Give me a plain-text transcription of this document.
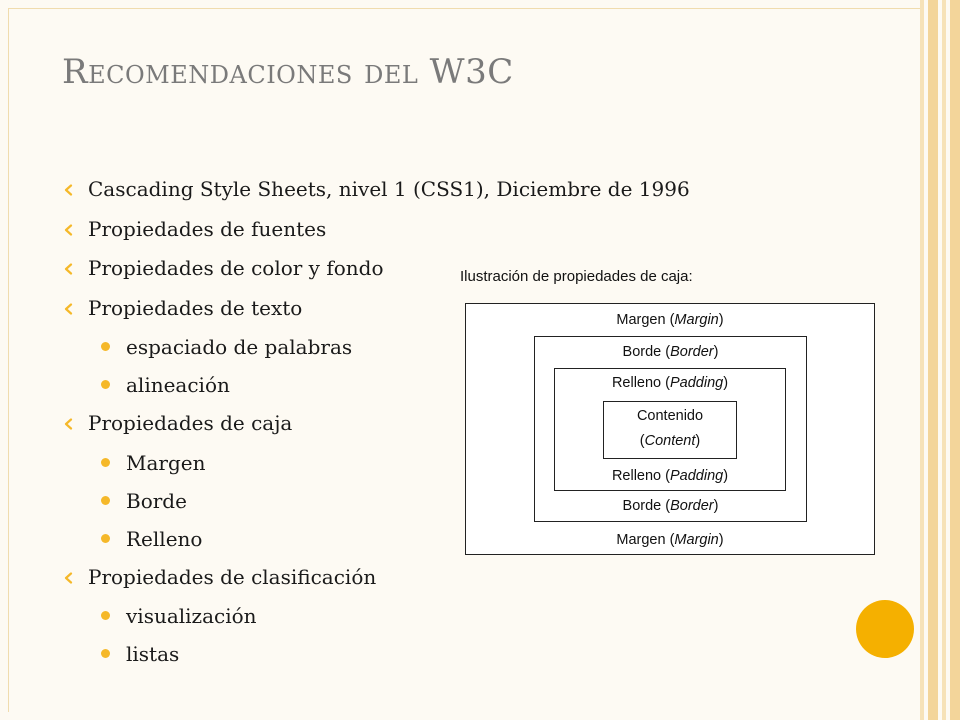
Recomendaciones del W3C
Cascading Style Sheets, nivel 1 (CSS1), Diciembre de 1996
Propiedades de fuentes
Propiedades de color y fondo
Propiedades de texto
espaciado de palabras
alineación
Propiedades de caja
Margen
Borde
Relleno
Propiedades de clasificación
visualización
listas
Ilustración de propiedades de caja:
Margen (Margin)
Margen (Margin)
Borde (Border)
Borde (Border)
Relleno (Padding)
Relleno (Padding)
Contenido
(Content)
